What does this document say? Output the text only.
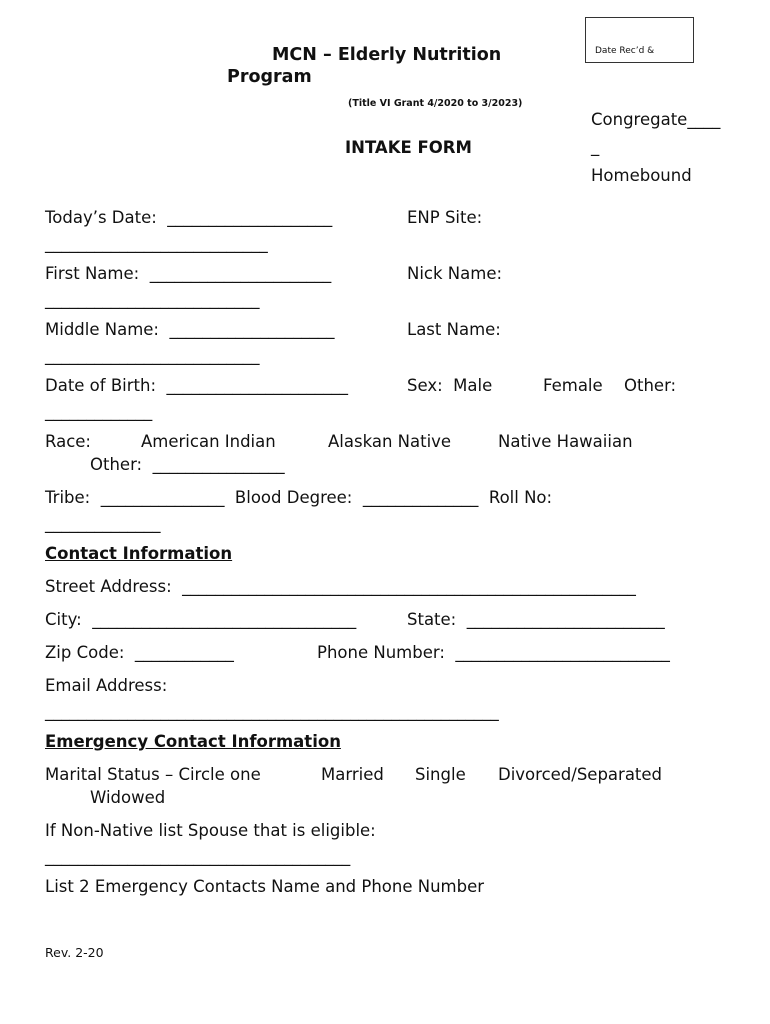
MCN – Elderly Nutrition
Program
(Title VI Grant 4/2020 to 3/2023)
INTAKE FORM
Date Rec’d &
Congregate____
_
Homebound
Today’s Date:  ____________________	ENP Site:
___________________________
First Name:  ______________________	Nick Name:
__________________________
Middle Name:  ____________________	Last Name:
__________________________
Date of Birth:  ______________________	Sex:  Male	Female Other:
_____________
Race:	American Indian	Alaskan Native	Native Hawaiian
Other:  ________________
Tribe:  _______________  Blood Degree:  ______________  Roll No:
______________
Contact Information
Street Address:  _______________________________________________________
City:  ________________________________	State:  ________________________
Zip Code:  ____________	Phone Number:  __________________________
Email Address:
_______________________________________________________
Emergency Contact Information
Marital Status – Circle one	Married Single Divorced/Separated
Widowed
If Non-Native list Spouse that is eligible:
_____________________________________
List 2 Emergency Contacts Name and Phone Number
Rev. 2-20
